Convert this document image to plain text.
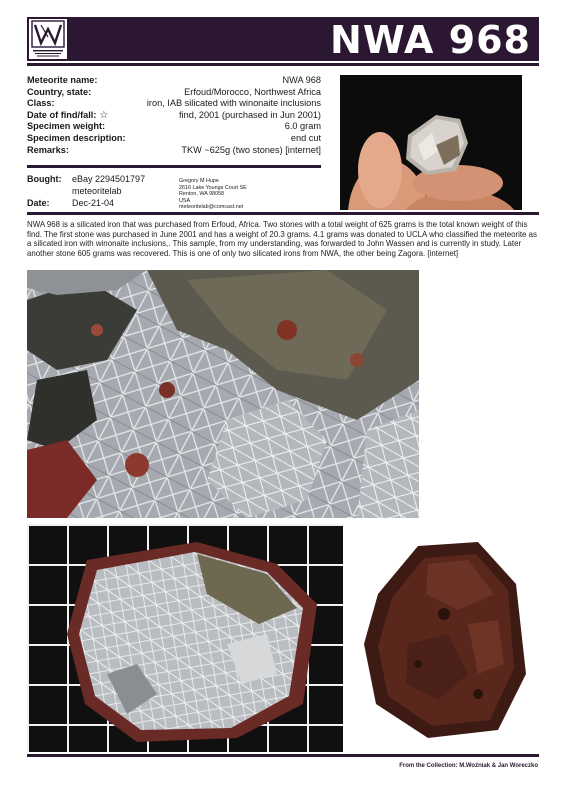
NWA 968
Meteorite name:	NWA 968
Country, state:	Erfoud/Morocco, Northwest Africa
Class:	iron, IAB silicated with winonaite inclusions
Date of find/fall: ☆	find, 2001 (purchased in Jun 2001)
Specimen weight:	6.0 gram
Specimen description:	end cut
Remarks:	TKW ~625g (two stones) [internet]
Bought: eBay 2294501797
meteoritelab
Date: Dec-21-04
Gregory M Hupe
2616 Lake Youngs Court SE
Renton, WA 98058
USA
meteoritelab@comcast.net
NWA 968 is a silicated iron that was purchased from Erfoud, Africa. Two stones with a total weight of 625 grams is the total known weight of this find. The first stone was purchased in June 2001 and has a weight of 20.3 grams. 4.1 grams was donated to UCLA who classified the meteorite as a silicated iron with winonaite inclusions,. This sample, from my understanding, was forwarded to John Wassen and is currently in study. Later another stone 605 grams was recovered. This is one of only two silicated irons from NWA, the other being Zagora. [internet]
From the Collection: M.Woźniak & Jan Woreczko
